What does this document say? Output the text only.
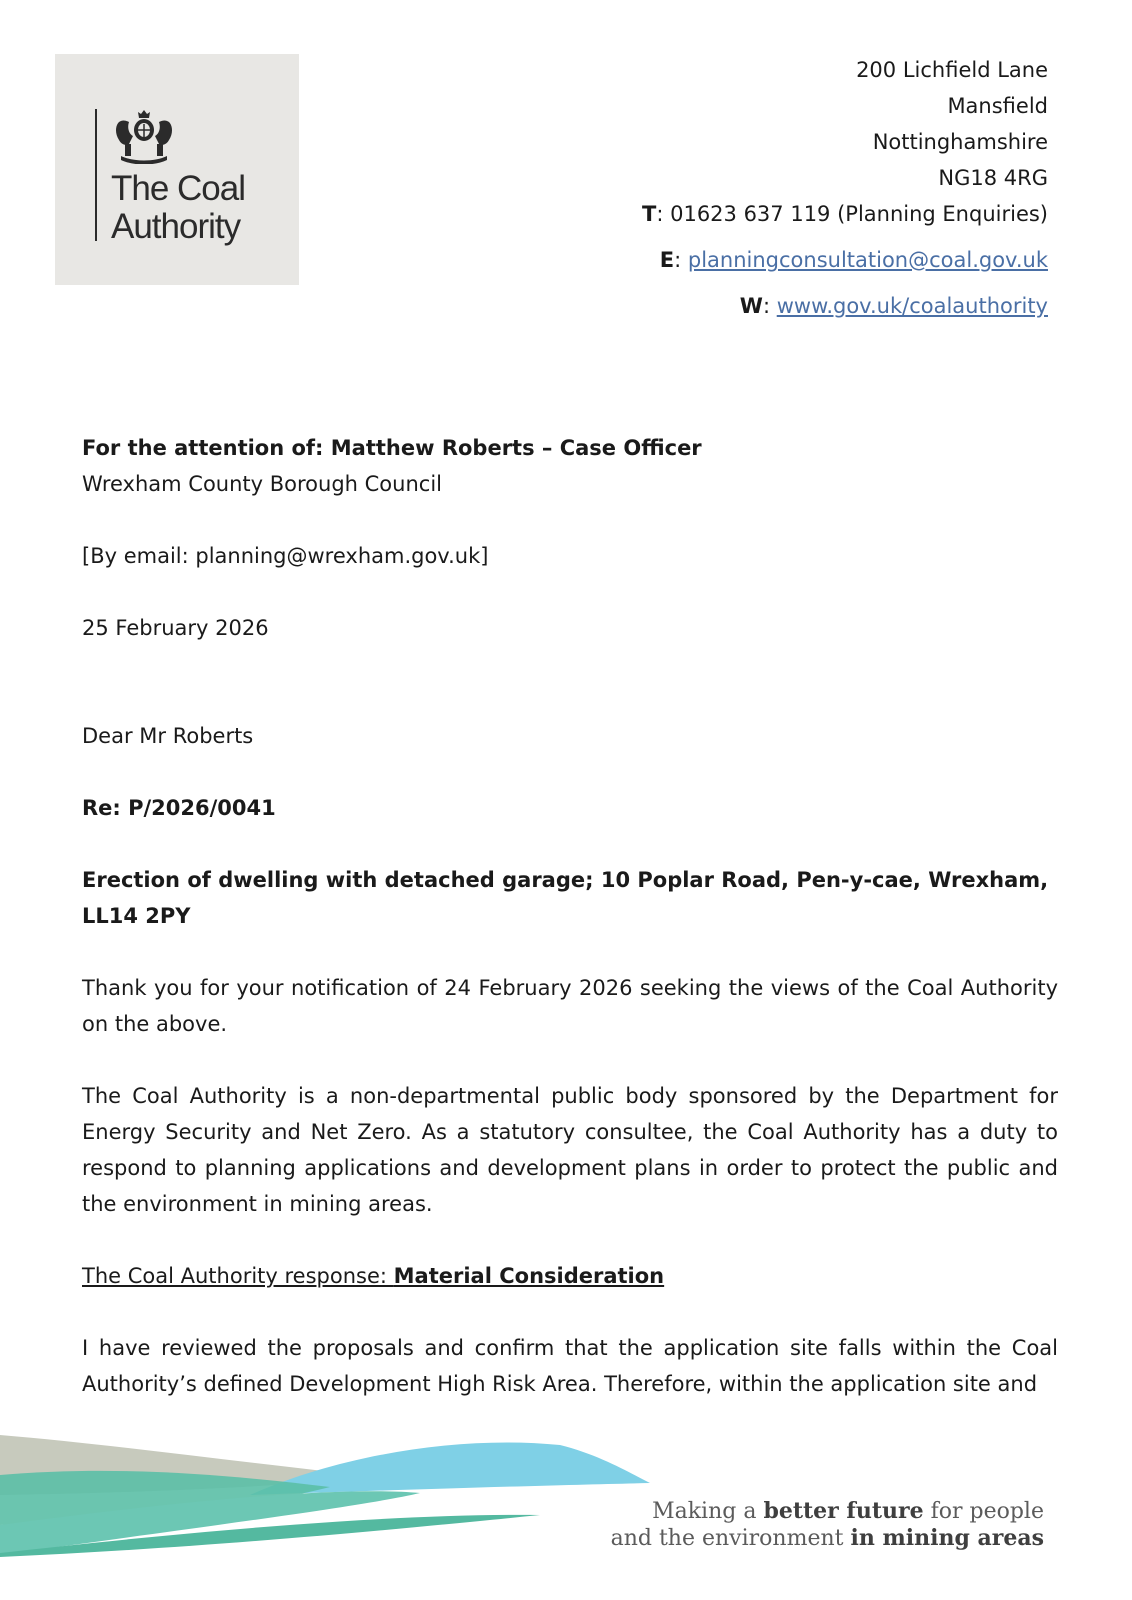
The Coal
Authority
200 Lichfield Lane
Mansfield
Nottinghamshire
NG18 4RG
T: 01623 637 119 (Planning Enquiries)
E: planningconsultation@coal.gov.uk
W: www.gov.uk/coalauthority

For the attention of: Matthew Roberts – Case Officer

Wrexham County Borough Council

[By email: planning@wrexham.gov.uk]

25 February 2026

Dear Mr Roberts

Re: P/2026/0041

Erection of dwelling with detached garage; 10 Poplar Road, Pen-y-cae, Wrexham, LL14 2PY

Thank you for your notification of 24 February 2026 seeking the views of the Coal Authority on the above.

The Coal Authority is a non-departmental public body sponsored by the Department for Energy Security and Net Zero. As a statutory consultee, the Coal Authority has a duty to respond to planning applications and development plans in order to protect the public and the environment in mining areas.

The Coal Authority response: Material Consideration

I have reviewed the proposals and confirm that the application site falls within the Coal Authority’s defined Development High Risk Area. Therefore, within the application site and

Making a better future for people
and the environment in mining areas
